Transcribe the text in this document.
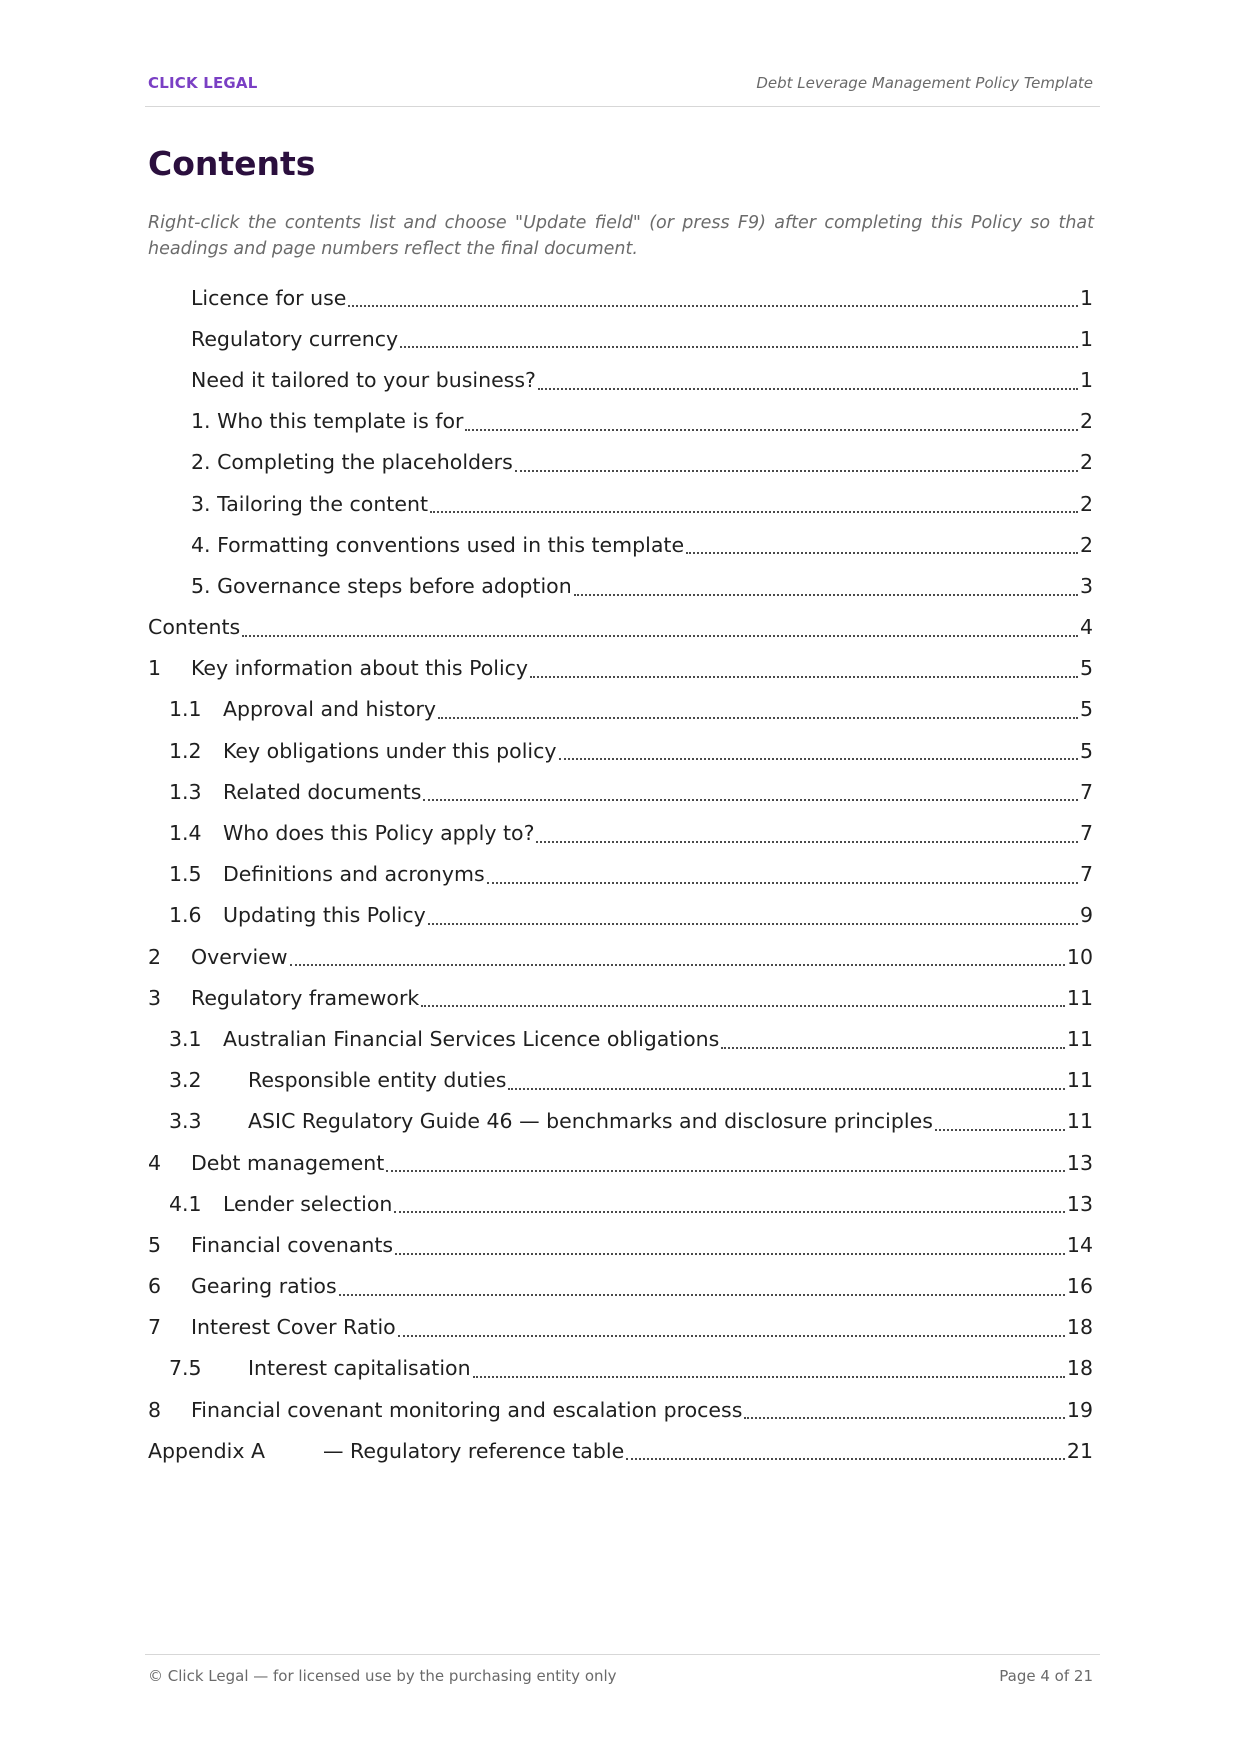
CLICK LEGAL	Debt Leverage Management Policy Template
Contents

Right-click the contents list and choose "Update field" (or press F9) after completing this Policy so that headings and page numbers reflect the final document.

Licence for use	1
Regulatory currency	1
Need it tailored to your business?	1
1. Who this template is for	2
2. Completing the placeholders	2
3. Tailoring the content	2
4. Formatting conventions used in this template	2
5. Governance steps before adoption	3
Contents	4
1	Key information about this Policy	5
1.1	Approval and history	5
1.2	Key obligations under this policy	5
1.3	Related documents	7
1.4	Who does this Policy apply to?	7
1.5	Definitions and acronyms	7
1.6	Updating this Policy	9
2	Overview	10
3	Regulatory framework	11
3.1	Australian Financial Services Licence obligations	11
3.2	Responsible entity duties	11
3.3	ASIC Regulatory Guide 46 — benchmarks and disclosure principles	11
4	Debt management	13
4.1	Lender selection	13
5	Financial covenants	14
6	Gearing ratios	16
7	Interest Cover Ratio	18
7.5	Interest capitalisation	18
8	Financial covenant monitoring and escalation process	19
Appendix A	— Regulatory reference table	21
© Click Legal — for licensed use by the purchasing entity only	Page 4 of 21
